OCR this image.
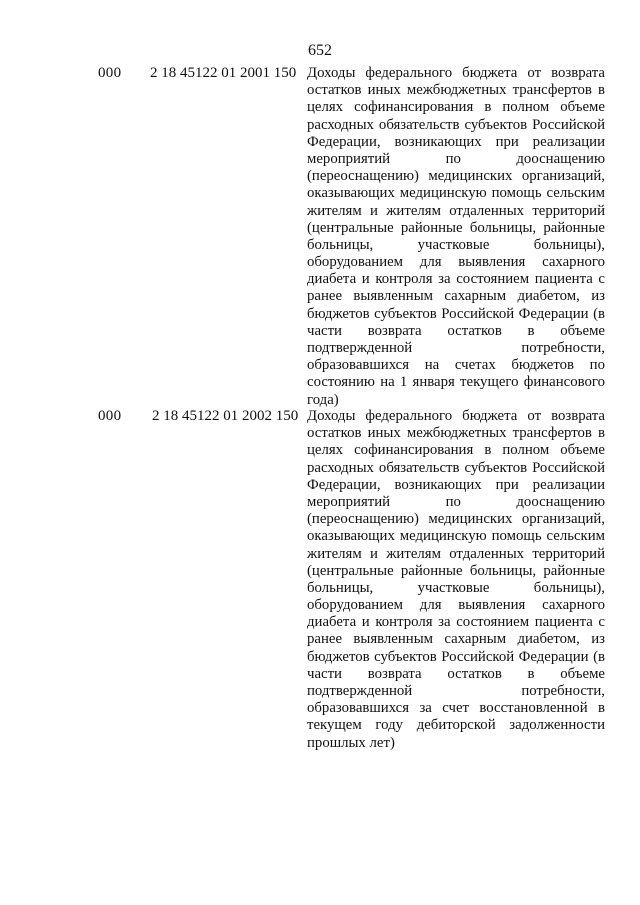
652
000 2 18 45122 01 2001 150 Доходы федерального бюджета от возврата
остатков иных межбюджетных трансфертов в
целях софинансирования в полном объеме
расходных обязательств субъектов Российской
Федерации, возникающих при реализации
мероприятий по дооснащению
(переоснащению) медицинских организаций,
оказывающих медицинскую помощь сельским
жителям и жителям отдаленных территорий
(центральные районные больницы, районные
больницы, участковые больницы),
оборудованием для выявления сахарного
диабета и контроля за состоянием пациента с
ранее выявленным сахарным диабетом, из
бюджетов субъектов Российской Федерации (в
части возврата остатков в объеме
подтвержденной потребности,
образовавшихся на счетах бюджетов по
состоянию на 1 января текущего финансового
года)
000 2 18 45122 01 2002 150 Доходы федерального бюджета от возврата
остатков иных межбюджетных трансфертов в
целях софинансирования в полном объеме
расходных обязательств субъектов Российской
Федерации, возникающих при реализации
мероприятий по дооснащению
(переоснащению) медицинских организаций,
оказывающих медицинскую помощь сельским
жителям и жителям отдаленных территорий
(центральные районные больницы, районные
больницы, участковые больницы),
оборудованием для выявления сахарного
диабета и контроля за состоянием пациента с
ранее выявленным сахарным диабетом, из
бюджетов субъектов Российской Федерации (в
части возврата остатков в объеме
подтвержденной потребности,
образовавшихся за счет восстановленной в
текущем году дебиторской задолженности
прошлых лет)
